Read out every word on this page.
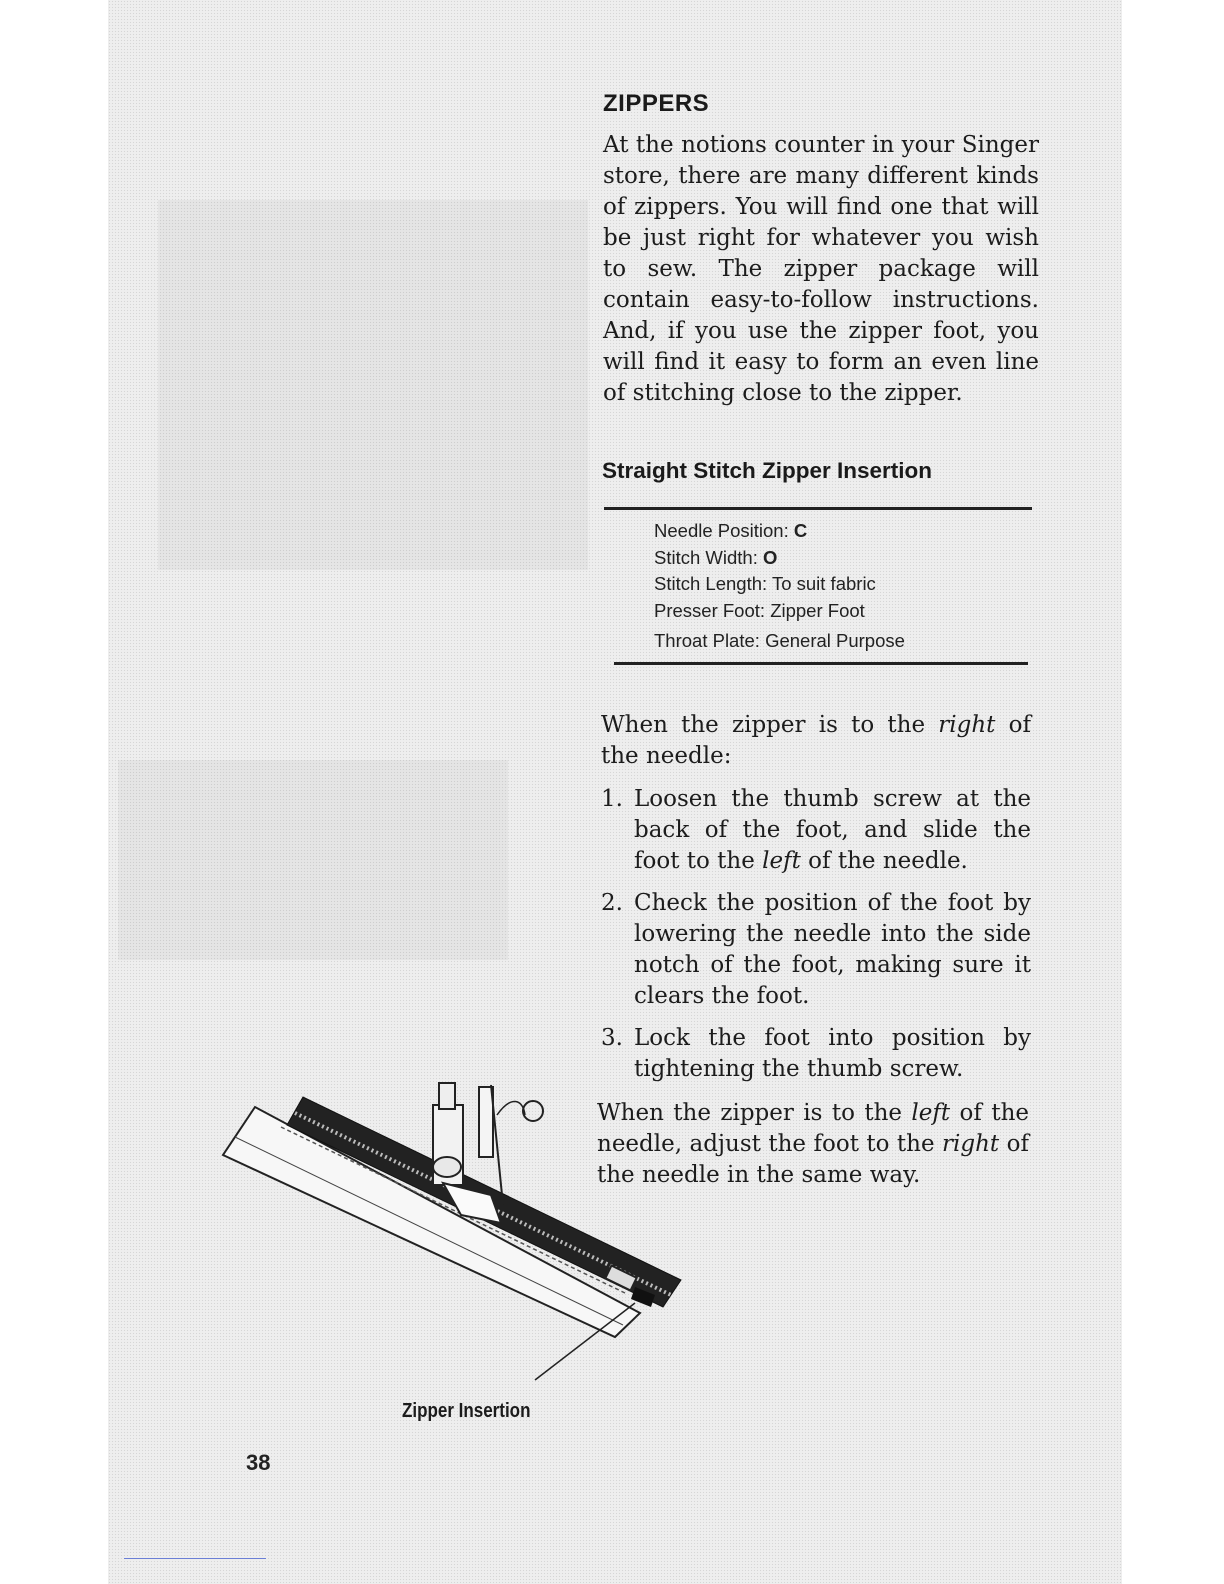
ZIPPERS

At the notions counter in your Singer store, there are many different kinds of zippers. You will find one that will be just right for whatever you wish to sew. The zipper package will contain easy-to-follow instructions. And, if you use the zipper foot, you will find it easy to form an even line of stitching close to the zipper.

Straight Stitch Zipper Insertion
Needle Position: C
Stitch Width: O
Stitch Length: To suit fabric
Presser Foot: Zipper Foot
Throat Plate: General Purpose

When the zipper is to the right of the needle:

1. Loosen the thumb screw at the back of the foot, and slide the foot to the left of the needle.
2. Check the position of the foot by lowering the needle into the side notch of the foot, making sure it clears the foot.
3. Lock the foot into position by tightening the thumb screw.

When the zipper is to the left of the needle, adjust the foot to the right of the needle in the same way.

Zipper Insertion
38
